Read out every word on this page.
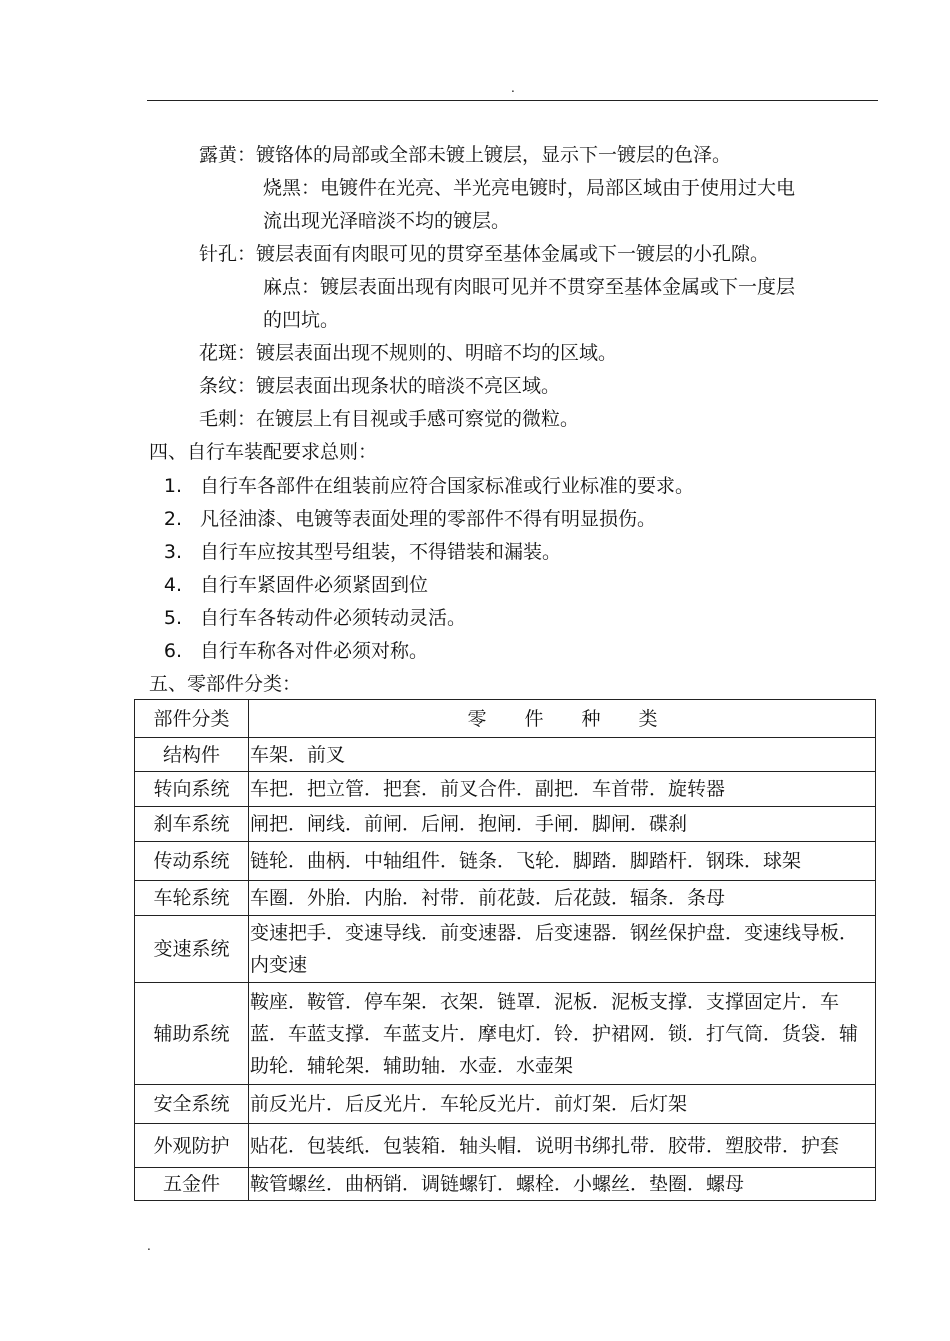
.
露黄：镀铬体的局部或全部未镀上镀层，显示下一镀层的色泽。
烧黑：电镀件在光亮、半光亮电镀时，局部区域由于使用过大电
流出现光泽暗淡不均的镀层。
针孔：镀层表面有肉眼可见的贯穿至基体金属或下一镀层的小孔隙。
麻点：镀层表面出现有肉眼可见并不贯穿至基体金属或下一度层
的凹坑。
花斑：镀层表面出现不规则的、明暗不均的区域。
条纹：镀层表面出现条状的暗淡不亮区域。
毛刺：在镀层上有目视或手感可察觉的微粒。
四、自行车装配要求总则：
1. 自行车各部件在组装前应符合国家标准或行业标准的要求。
2. 凡径油漆、电镀等表面处理的零部件不得有明显损伤。
3. 自行车应按其型号组装，不得错装和漏装。
4. 自行车紧固件必须紧固到位
5. 自行车各转动件必须转动灵活。
6. 自行车称各对件必须对称。
五、零部件分类：
部件分类	零　　件　　种　　类
结构件	车架．前叉
转向系统	车把．把立管．把套．前叉合件．副把．车首带．旋转器
刹车系统	闸把．闸线．前闸．后闸．抱闸．手闸．脚闸．碟刹
传动系统	链轮．曲柄．中轴组件．链条．飞轮．脚踏．脚踏杆．钢珠．球架
车轮系统	车圈．外胎．内胎．衬带．前花鼓．后花鼓．辐条．条母
变速系统	变速把手．变速导线．前变速器．后变速器．钢丝保护盘．变速线导板．内变速
辅助系统	鞍座．鞍管．停车架．衣架．链罩．泥板．泥板支撑．支撑固定片．车蓝．车蓝支撑．车蓝支片．摩电灯．铃．护裙网．锁．打气筒．货袋．辅助轮．辅轮架．辅助轴．水壶．水壶架
安全系统	前反光片．后反光片．车轮反光片．前灯架．后灯架
外观防护	贴花．包装纸．包装箱．轴头帽．说明书绑扎带．胶带．塑胶带．护套
五金件	鞍管螺丝．曲柄销．调链螺钉．螺栓．小螺丝．垫圈．螺母
.
